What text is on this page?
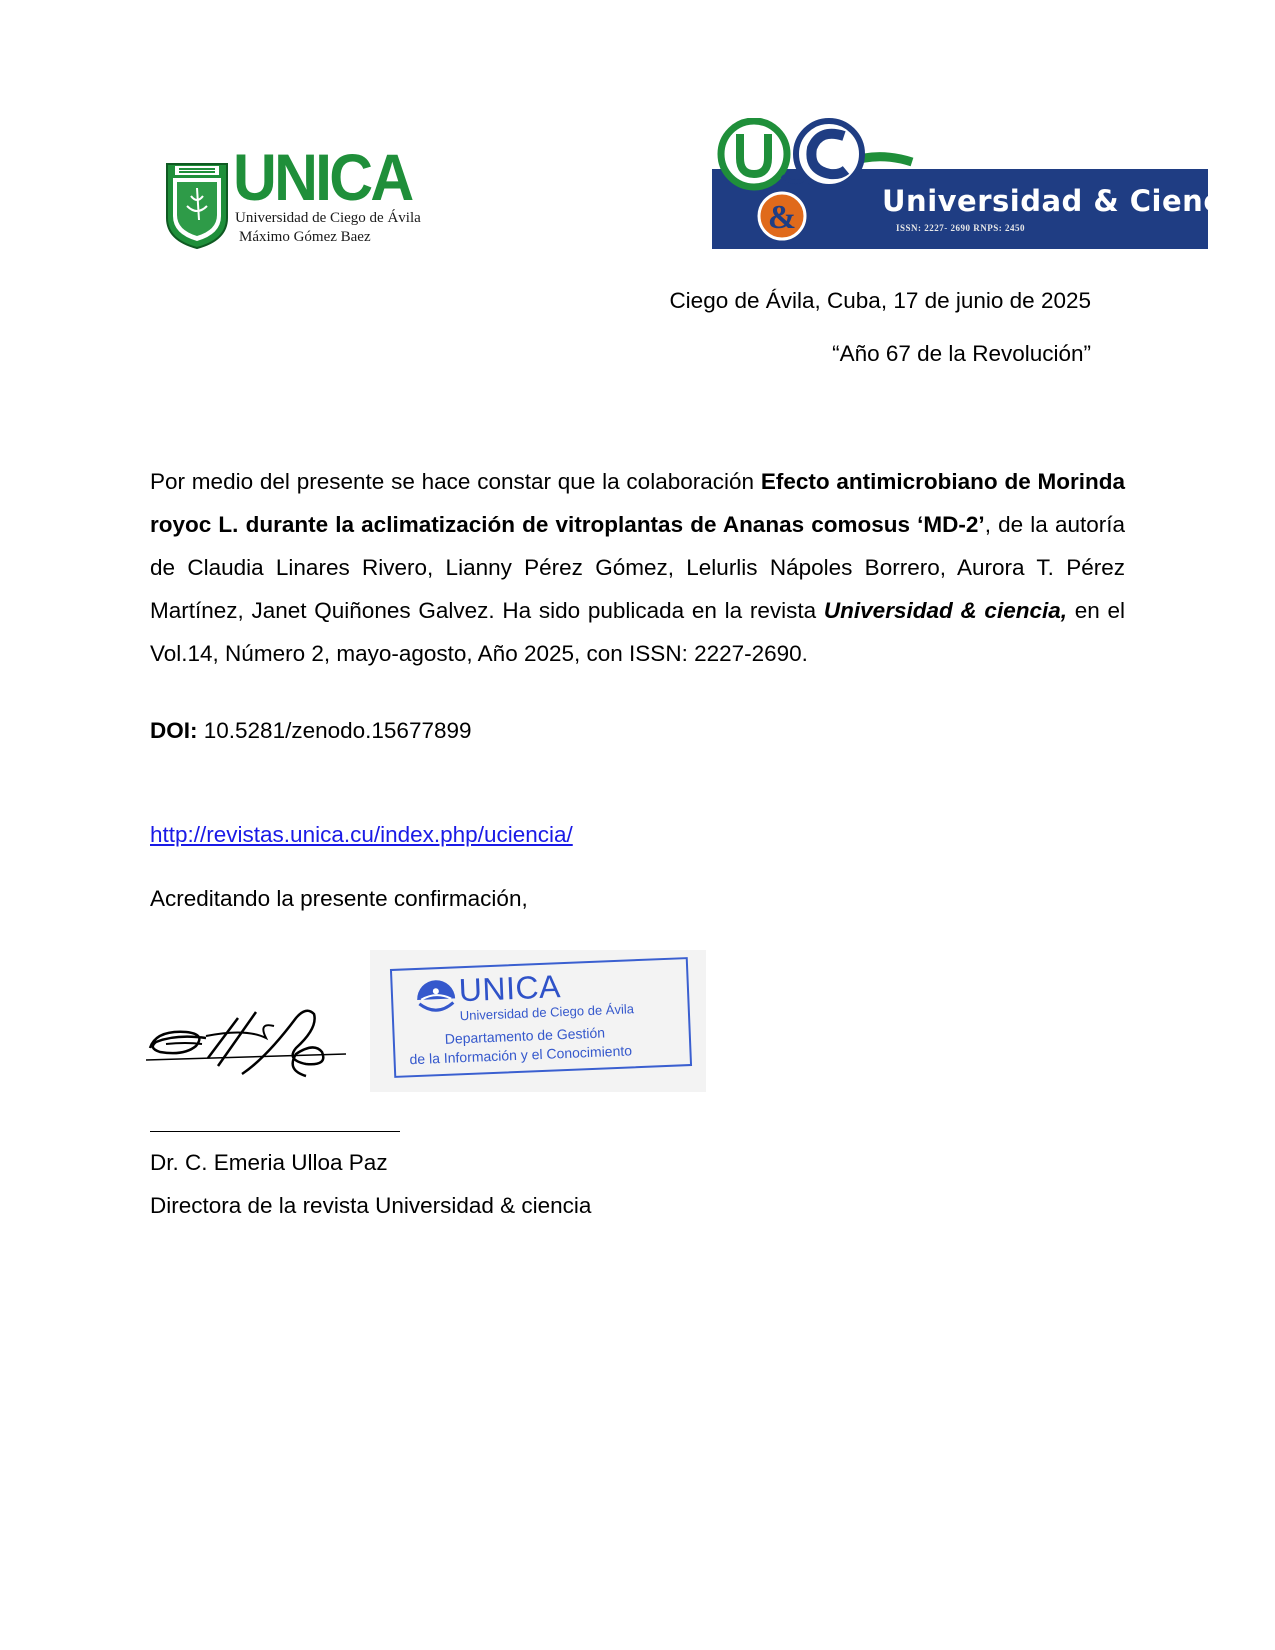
UNICA
Universidad de Ciego de Ávila
Máximo Gómez Baez
&	Universidad & Ciencia
ISSN: 2227- 2690 RNPS: 2450
Ciego de Ávila, Cuba, 17 de junio de 2025
“Año 67 de la Revolución”
Por medio del presente se hace constar que la colaboración Efecto antimicrobiano de Morinda royoc L. durante la aclimatización de vitroplantas de Ananas comosus ‘MD-2’, de la autoría de Claudia Linares Rivero, Lianny Pérez Gómez, Lelurlis Nápoles Borrero, Aurora T. Pérez Martínez, Janet Quiñones Galvez. Ha sido publicada en la revista Universidad & ciencia, en el Vol.14, Número 2, mayo-agosto, Año 2025, con ISSN: 2227-2690.
DOI: 10.5281/zenodo.15677899
http://revistas.unica.cu/index.php/uciencia/
Acreditando la presente confirmación,
UNICA
Universidad de Ciego de Ávila
Departamento de Gestión
de la Información y el Conocimiento
Dr. C. Emeria Ulloa Paz
Directora de la revista Universidad & ciencia
